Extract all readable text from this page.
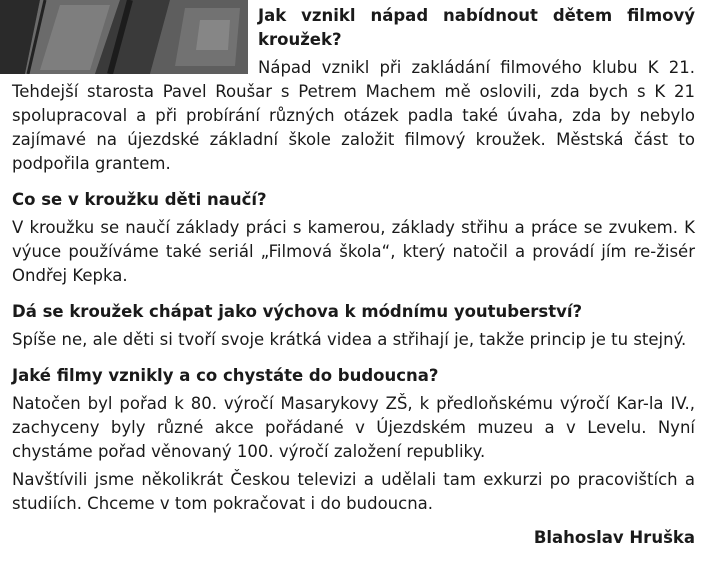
Jak vznikl nápad nabídnout dětem filmový kroužek?

Nápad vznikl při zakládání filmového klubu K 21. Tehdejší starosta Pavel Roušar s Petrem Machem mě oslovili, zda bych s K 21 spolupracoval a při probírání různých otázek padla také úvaha, zda by nebylo zajímavé na újezdské základní škole založit filmový kroužek. Městská část to podpořila grantem.

Co se v kroužku děti naučí?

V kroužku se naučí základy práci s kamerou, základy střihu a práce se zvukem. K výuce používáme také seriál „Filmová škola“, který natočil a provádí jím re-žisér Ondřej Kepka.

Dá se kroužek chápat jako výchova k módnímu youtuberství?

Spíše ne, ale děti si tvoří svoje krátká videa a střihají je, takže princip je tu stejný.

Jaké filmy vznikly a co chystáte do budoucna?

Natočen byl pořad k 80. výročí Masarykovy ZŠ, k předloňskému výročí Kar-la IV., zachyceny byly různé akce pořádané v Újezdském muzeu a v Levelu. Nyní chystáme pořad věnovaný 100. výročí založení republiky.

Navštívili jsme několikrát Českou televizi a udělali tam exkurzi po pracovištích a studiích. Chceme v tom pokračovat i do budoucna.

Blahoslav Hruška
